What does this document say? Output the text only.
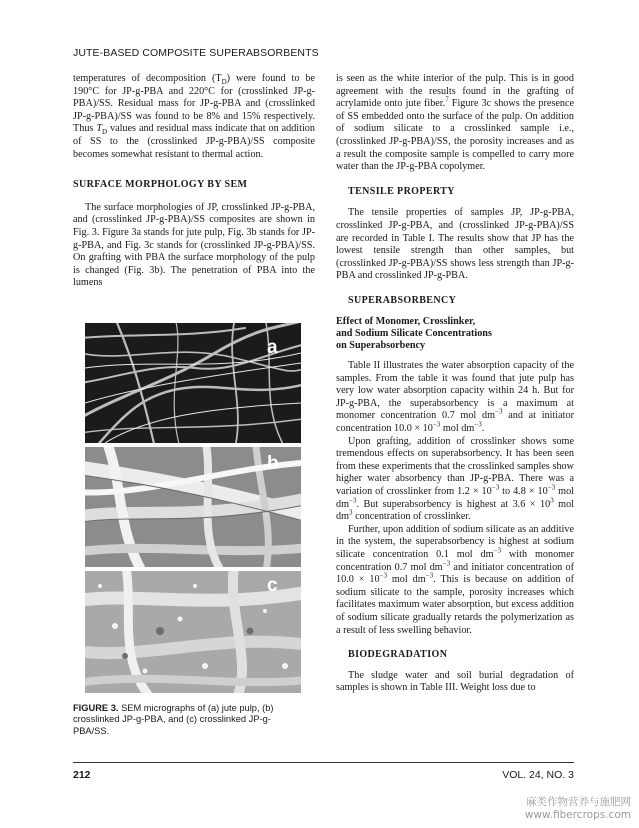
JUTE-BASED COMPOSITE SUPERABSORBENTS

temperatures of decomposition $(T_D)$ were found to be 190°C for JP-g-PBA and 220°C for (crosslinked JP-g-PBA)/SS. Residual mass for JP-g-PBA and (crosslinked JP-g-PBA)/SS was found to be 8% and 15% respectively. Thus $T_D$ values and residual mass indicate that on addition of SS to the (crosslinked JP-g-PBA)/SS composite becomes somewhat resistant to thermal action.

SURFACE MORPHOLOGY BY SEM

The surface morphologies of JP, crosslinked JP-g-PBA, and (crosslinked JP-g-PBA)/SS composites are shown in Fig. 3. Figure 3a stands for jute pulp, Fig. 3b stands for JP-g-PBA, and Fig. 3c stands for (crosslinked JP-g-PBA)/SS. On grafting with PBA the surface morphology of the pulp is changed (Fig. 3b). The penetration of PBA into the lumens

a
b
c
FIGURE 3. SEM micrographs of (a) jute pulp, (b) crosslinked JP-g-PBA, and (c) crosslinked JP-g-PBA/SS.

is seen as the white interior of the pulp. This is in good agreement with the results found in the grafting of acrylamide onto jute fiber.$^7$ Figure 3c shows the presence of SS embedded onto the surface of the pulp. On addition of sodium silicate to a crosslinked sample i.e., (crosslinked JP-g-PBA)/SS, the porosity increases and as a result the composite sample is compelled to carry more water than the JP-g-PBA copolymer.

TENSILE PROPERTY

The tensile properties of samples JP, JP-g-PBA, crosslinked JP-g-PBA, and (crosslinked JP-g-PBA)/SS are recorded in Table I. The results show that JP has the lowest tensile strength than other samples, but (crosslinked JP-g-PBA)/SS shows less strength than JP-g-PBA and crosslinked JP-g-PBA.

SUPERABSORBENCY

Effect of Monomer, Crosslinker,

and Sodium Silicate Concentrations

on Superabsorbency

Table II illustrates the water absorption capacity of the samples. From the table it was found that jute pulp has very low water absorption capacity within 24 h. But for JP-g-PBA, the superabsorbency is a maximum at monomer concentration 0.7 mol $dm^{-3}$ and at initiator concentration $10.0 \times 10^{-3}$ mol $dm^{-3}$.

Upon grafting, addition of crosslinker shows some tremendous effects on superabsorbency. It has been seen from these experiments that the crosslinked samples show higher water absorbency than JP-g-PBA. There was a variation of crosslinker from $1.2 \times 10^{-3}$ to $4.8 \times 10^{-3}$ mol $dm^{-3}$. But superabsorbency is highest at $3.6 \times 10^3$ mol $dm^3$ concentration of crosslinker.

Further, upon addition of sodium silicate as an additive in the system, the superabsorbency is highest at sodium silicate concentration 0.1 mol $dm^{-3}$ with monomer concentration 0.7 mol $dm^{-3}$ and initiator concentration of $10.0 \times 10^{-3}$ mol $dm^{-3}$. This is because on addition of sodium silicate to the sample, porosity increases which facilitates maximum water absorption, but excess addition of sodium silicate gradually retards the polymerization as a result of less swelling behavior.

BIODEGRADATION

The sludge water and soil burial degradation of samples is shown in Table III. Weight loss due to

212	VOL. 24, NO. 3
麻类作物营养与施肥网
www.fibercrops.com
